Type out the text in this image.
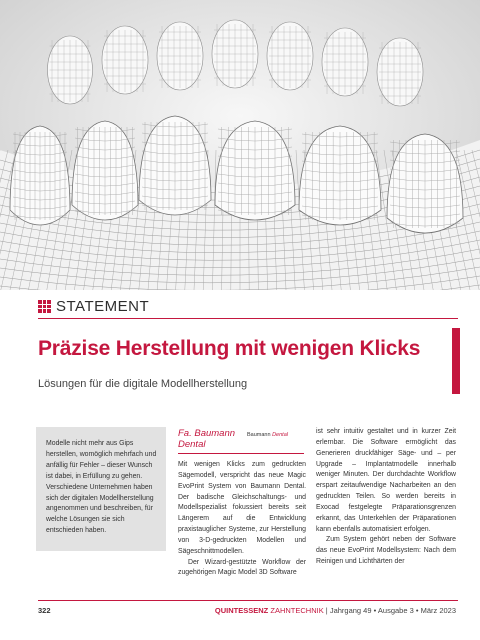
STATEMENT
Präzise Herstellung mit wenigen Klicks
Lösungen für die digitale Modellherstellung
Modelle nicht mehr aus Gips herstellen, womöglich mehrfach und anfällig für Fehler – dieser Wunsch ist dabei, in Erfüllung zu gehen. Verschiedene Unternehmen haben sich der digitalen Modellherstellung angenommen und beschreiben, für welche Lösungen sie sich entschieden haben.
Fa. Baumann
Dental
Baumann Dental

Mit wenigen Klicks zum gedruckten Sägemodell, verspricht das neue Magic EvoPrint System von Baumann Dental. Der badische Gleichschaltungs- und Modellspezialist fokussiert bereits seit Längerem auf die Entwicklung praxistauglicher Systeme, zur Herstellung von 3-D-gedruckten Modellen und Sägeschnittmodellen.

Der Wizard-gestützte Workflow der zugehörigen Magic Model 3D Software

ist sehr intuitiv gestaltet und in kurzer Zeit erlernbar. Die Software ermöglicht das Generieren druckfähiger Säge- und – per Upgrade – Implantatmodelle innerhalb weniger Minuten. Der durchdachte Workflow erspart zeitaufwendige Nacharbeiten an den gedruckten Teilen. So werden bereits in Exocad festgelegte Präparationsgrenzen erkannt, das Unterkehlen der Präparationen kann ebenfalls automatisiert erfolgen.

Zum System gehört neben der Software das neue EvoPrint Modellsystem: Nach dem Reinigen und Lichthärten der

322	QUINTESSENZ ZAHNTECHNIK | Jahrgang 49 • Ausgabe 3 • März 2023
